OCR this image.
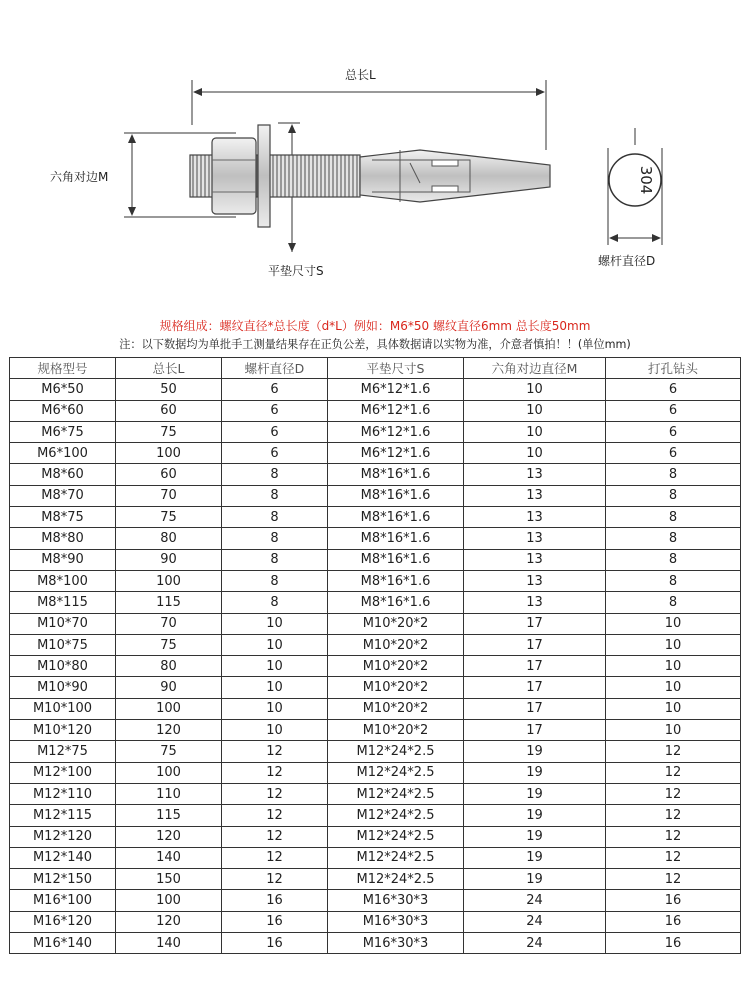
304
总长L
六角对边M
平垫尺寸S
螺杆直径D
规格组成：螺纹直径*总长度（d*L）例如：M6*50 螺纹直径6mm 总长度50mm
注：以下数据均为单批手工测量结果存在正负公差，具体数据请以实物为准，介意者慎拍！！(单位mm)
规格型号	总长L	螺杆直径D	平垫尺寸S	六角对边直径M	打孔钻头
M6*50	50	6	M6*12*1.6	10	6
M6*60	60	6	M6*12*1.6	10	6
M6*75	75	6	M6*12*1.6	10	6
M6*100	100	6	M6*12*1.6	10	6
M8*60	60	8	M8*16*1.6	13	8
M8*70	70	8	M8*16*1.6	13	8
M8*75	75	8	M8*16*1.6	13	8
M8*80	80	8	M8*16*1.6	13	8
M8*90	90	8	M8*16*1.6	13	8
M8*100	100	8	M8*16*1.6	13	8
M8*115	115	8	M8*16*1.6	13	8
M10*70	70	10	M10*20*2	17	10
M10*75	75	10	M10*20*2	17	10
M10*80	80	10	M10*20*2	17	10
M10*90	90	10	M10*20*2	17	10
M10*100	100	10	M10*20*2	17	10
M10*120	120	10	M10*20*2	17	10
M12*75	75	12	M12*24*2.5	19	12
M12*100	100	12	M12*24*2.5	19	12
M12*110	110	12	M12*24*2.5	19	12
M12*115	115	12	M12*24*2.5	19	12
M12*120	120	12	M12*24*2.5	19	12
M12*140	140	12	M12*24*2.5	19	12
M12*150	150	12	M12*24*2.5	19	12
M16*100	100	16	M16*30*3	24	16
M16*120	120	16	M16*30*3	24	16
M16*140	140	16	M16*30*3	24	16
